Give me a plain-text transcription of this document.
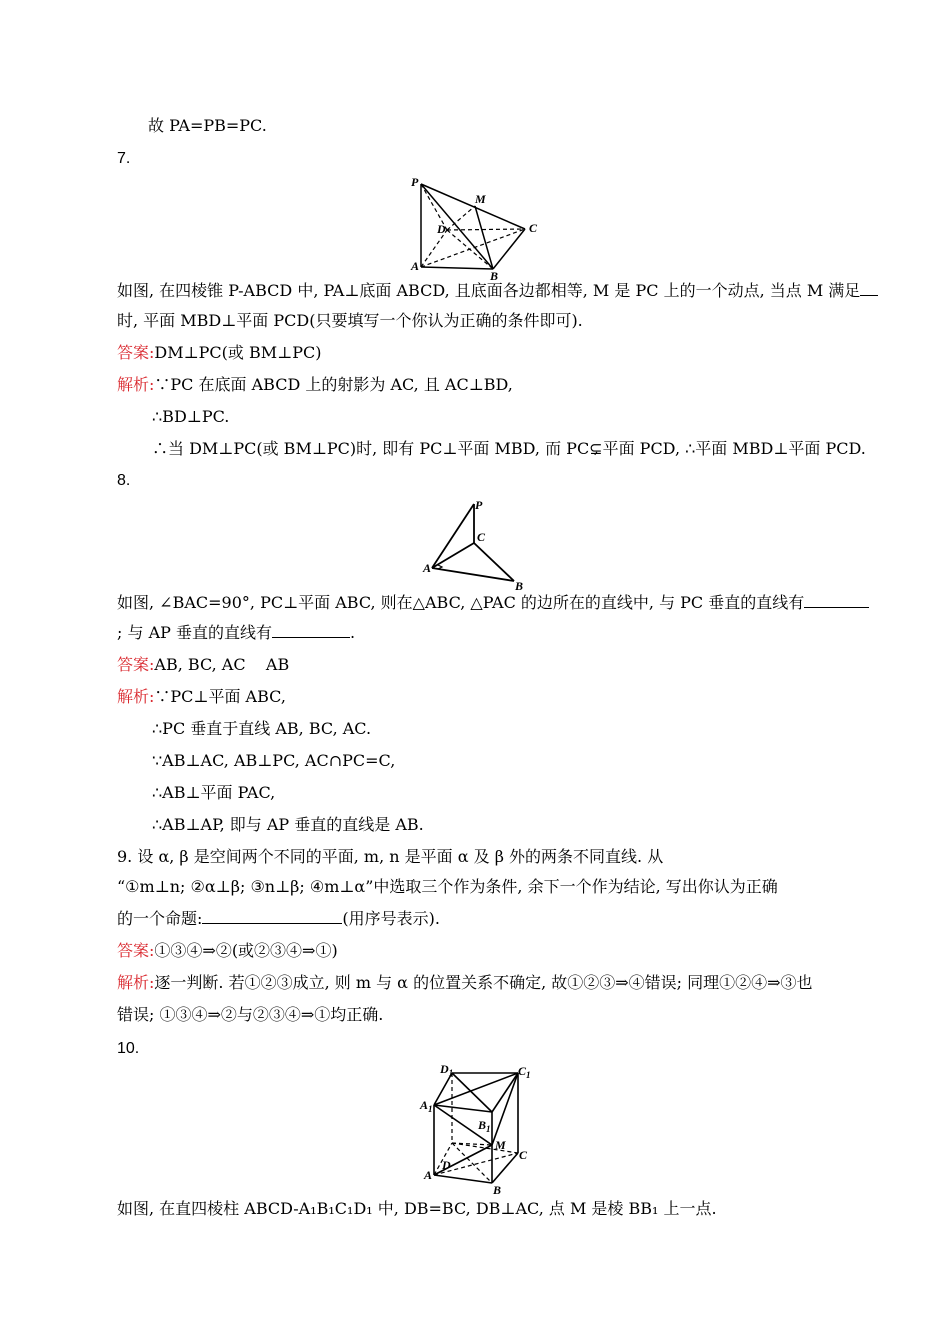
故 PA=PB=PC.
7.
P
M
D	C
A
B
如图, 在四棱锥 P-ABCD 中, PA⊥底面 ABCD, 且底面各边都相等, M 是 PC 上的一个动点, 当点 M 满足
时, 平面 MBD⊥平面 PCD(只要填写一个你认为正确的条件即可).
答案:DM⊥PC(或 BM⊥PC)
解析:∵PC 在底面 ABCD 上的射影为 AC, 且 AC⊥BD,
∴BD⊥PC.
∴当 DM⊥PC(或 BM⊥PC)时, 即有 PC⊥平面 MBD, 而 PC⊊平面 PCD, ∴平面 MBD⊥平面 PCD.
8.
P
C
A
B
如图, ∠BAC=90°, PC⊥平面 ABC, 则在△ABC, △PAC 的边所在的直线中, 与 PC 垂直的直线有
; 与 AP 垂直的直线有	.
答案:AB, BC, AC    AB
解析:∵PC⊥平面 ABC,
∴PC 垂直于直线 AB, BC, AC.
∵AB⊥AC, AB⊥PC, AC∩PC=C,
∴AB⊥平面 PAC,
∴AB⊥AP, 即与 AP 垂直的直线是 AB.
9. 设 α, β 是空间两个不同的平面, m, n 是平面 α 及 β 外的两条不同直线. 从
“①m⊥n; ②α⊥β; ③n⊥β; ④m⊥α”中选取三个作为条件, 余下一个作为结论, 写出你认为正确
的一个命题:	(用序号表示).
答案:①③④⇒②(或②③④⇒①)
解析:逐一判断. 若①②③成立, 则 m 与 α 的位置关系不确定, 故①②③⇒④错误; 同理①②④⇒③也
错误; ①③④⇒②与②③④⇒①均正确.
10.
$D_1$	$C_1$
$A_1$
$B_1$
M
C
D
A
B
如图, 在直四棱柱 ABCD-A₁B₁C₁D₁ 中, DB=BC, DB⊥AC, 点 M 是棱 BB₁ 上一点.
